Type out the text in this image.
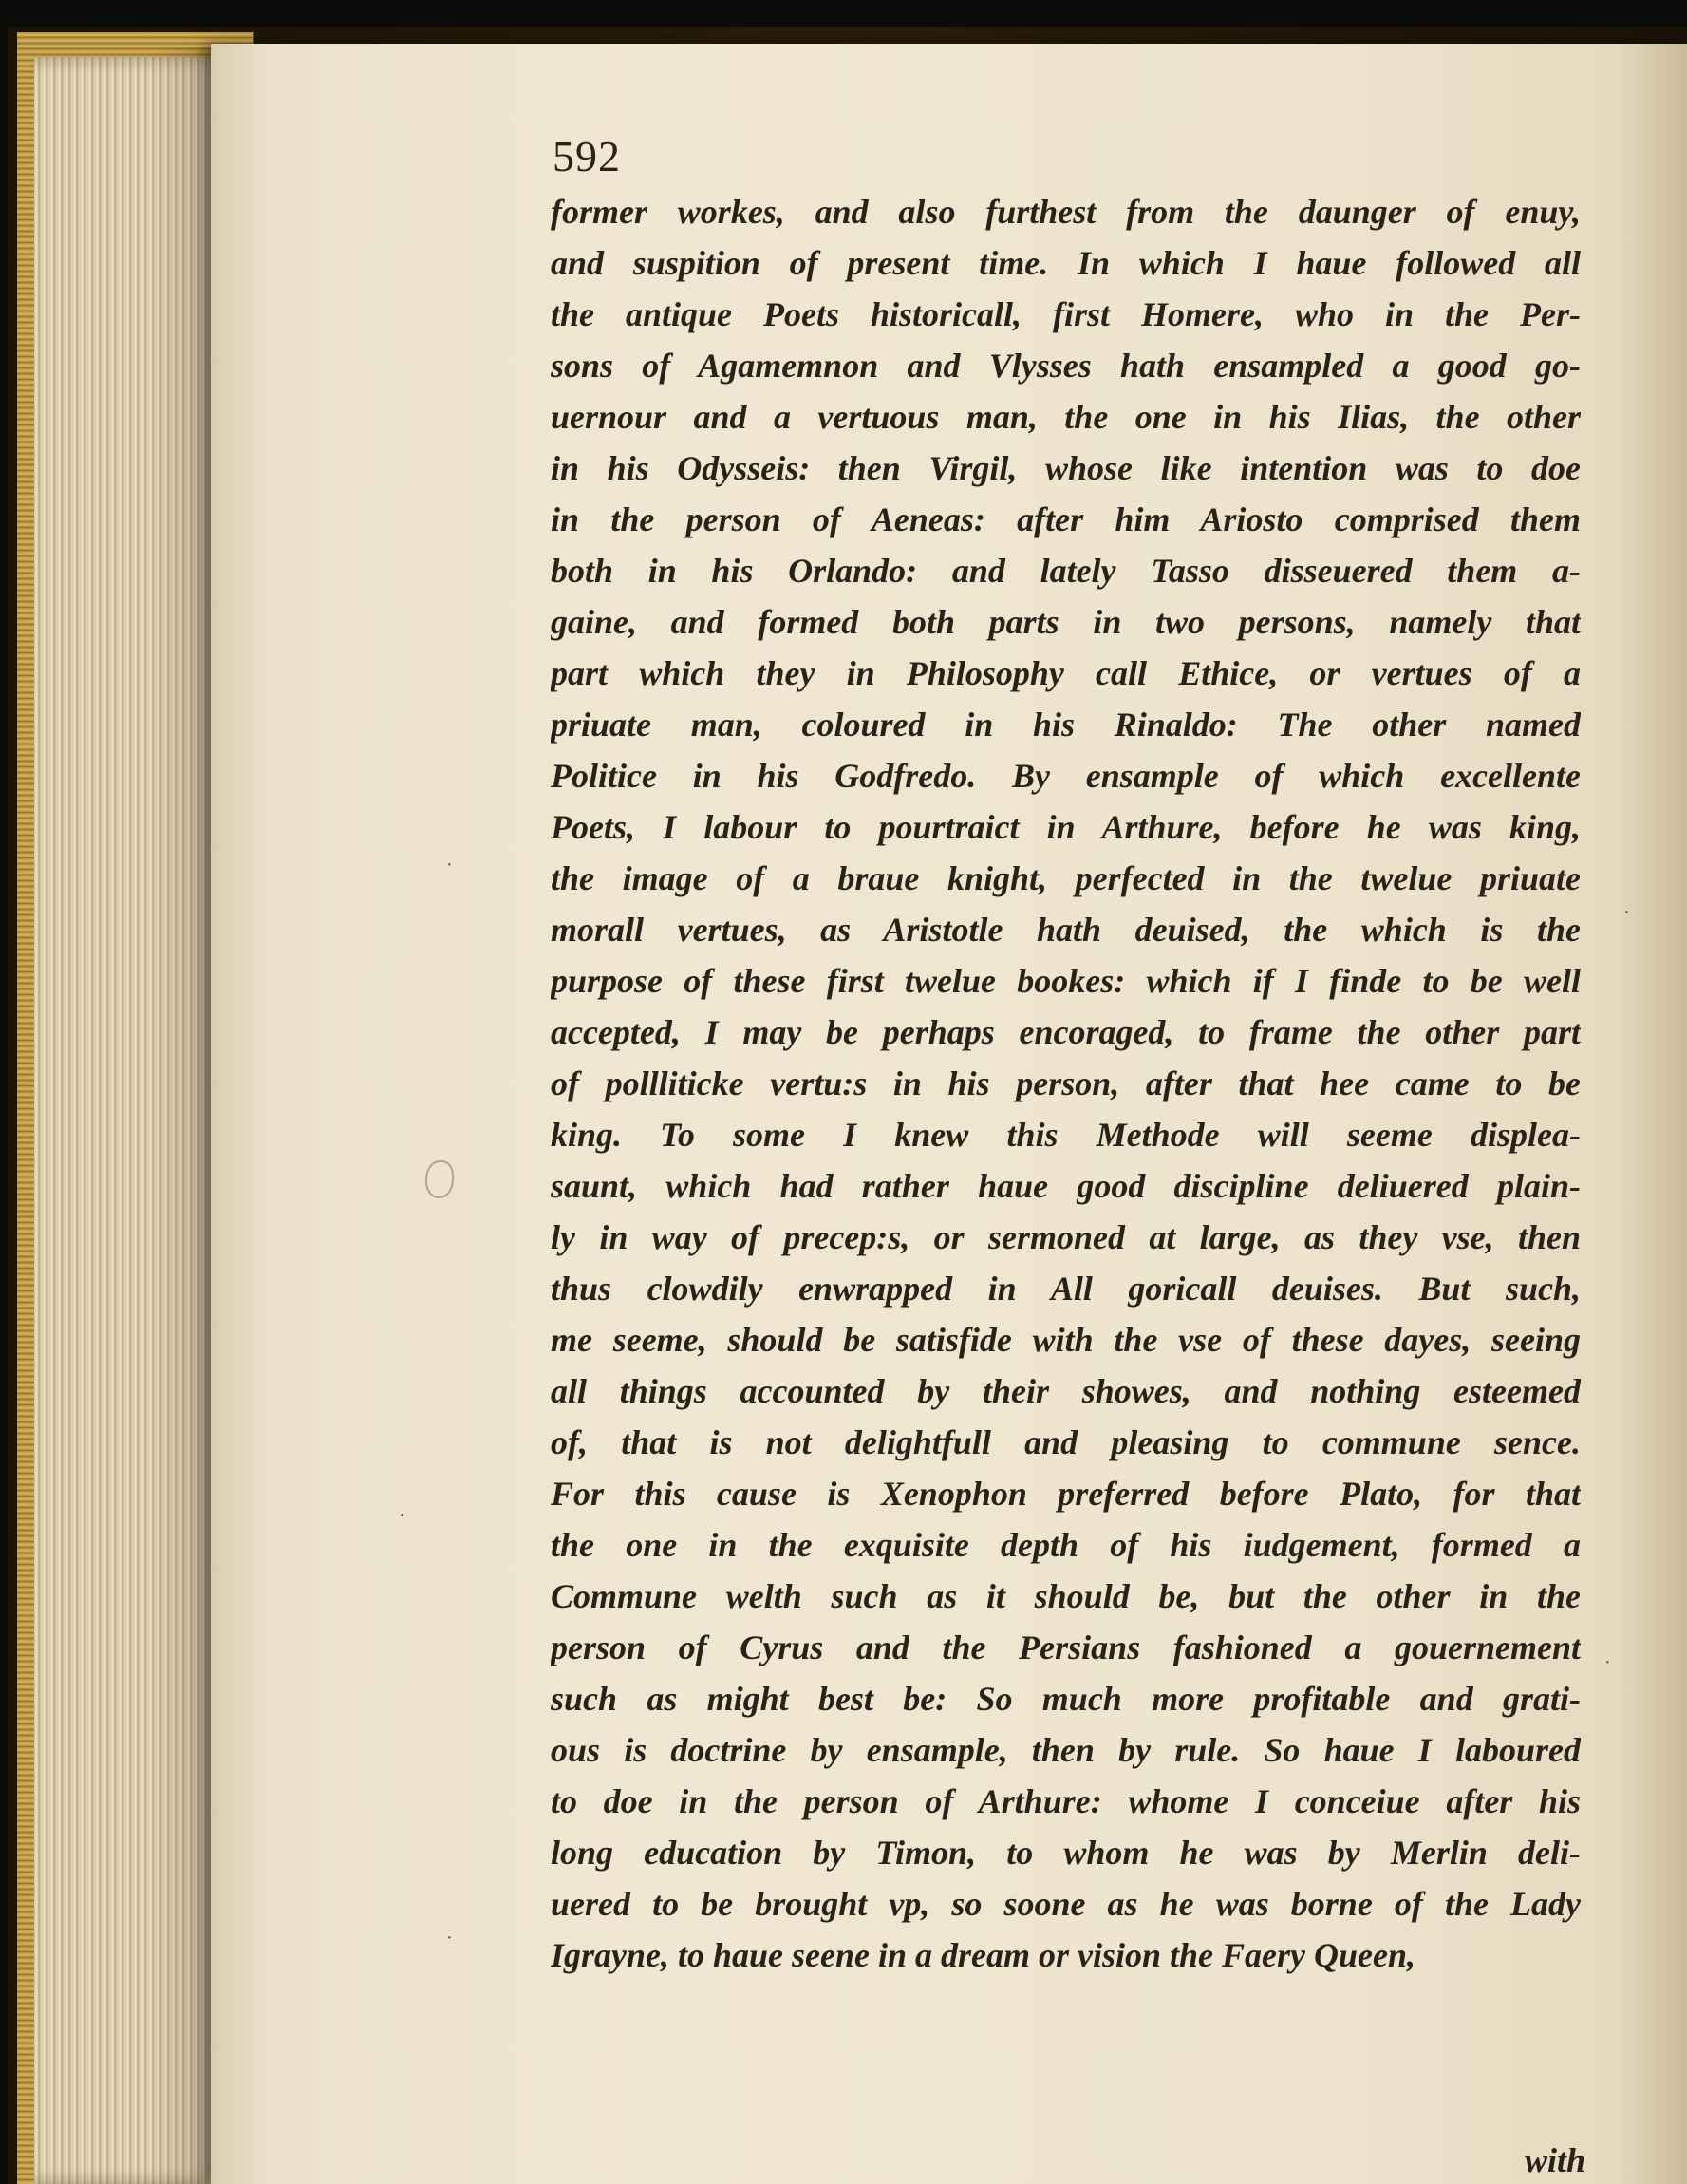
592
former workes, and also furthest from the daunger of enuy,
and suspition of present time. In which I haue followed all
the antique Poets historicall, first Homere, who in the Per-
sons of Agamemnon and Vlysses hath ensampled a good go-
uernour and a vertuous man, the one in his Ilias, the other
in his Odysseis: then Virgil, whose like intention was to doe
in the person of Aeneas: after him Ariosto comprised them
both in his Orlando: and lately Tasso disseuered them a-
gaine, and formed both parts in two persons, namely that
part which they in Philosophy call Ethice, or vertues of a
priuate man, coloured in his Rinaldo: The other named
Politice in his Godfredo. By ensample of which excellente
Poets, I labour to pourtraict in Arthure, before he was king,
the image of a braue knight, perfected in the twelue priuate
morall vertues, as Aristotle hath deuised, the which is the
purpose of these first twelue bookes: which if I finde to be well
accepted, I may be perhaps encoraged, to frame the other part
of pollliticke vertu:s in his person, after that hee came to be
king. To some I knew this Methode will seeme displea-
saunt, which had rather haue good discipline deliuered plain-
ly in way of precep:s, or sermoned at large, as they vse, then
thus clowdily enwrapped in All goricall deuises. But such,
me seeme, should be satisfide with the vse of these dayes, seeing
all things accounted by their showes, and nothing esteemed
of, that is not delightfull and pleasing to commune sence.
For this cause is Xenophon preferred before Plato, for that
the one in the exquisite depth of his iudgement, formed a
Commune welth such as it should be, but the other in the
person of Cyrus and the Persians fashioned a gouernement
such as might best be: So much more profitable and grati-
ous is doctrine by ensample, then by rule. So haue I laboured
to doe in the person of Arthure: whome I conceiue after his
long education by Timon, to whom he was by Merlin deli-
uered to be brought vp, so soone as he was borne of the Lady
Igrayne, to haue seene in a dream or vision the Faery Queen,
with
·
·
·
·
·
